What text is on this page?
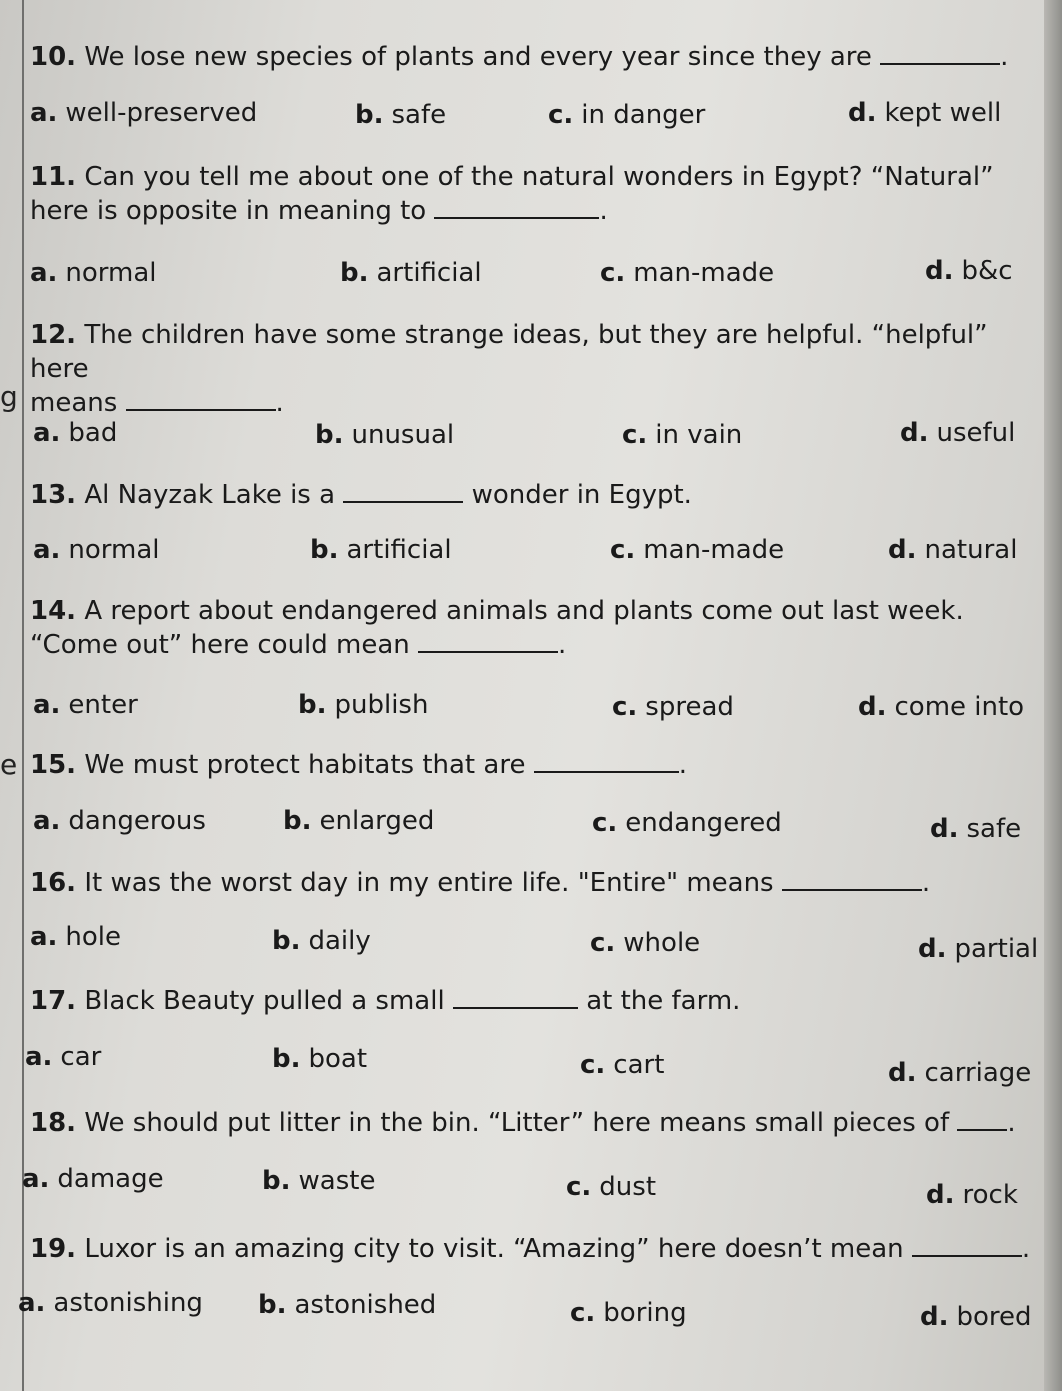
g
e
10. We lose new species of plants and every year since they are	.
a. well-preserved	b. safe	c. in danger	d. kept well
11. Can you tell me about one of the natural wonders in Egypt? “Natural”
here is opposite in meaning to	.
a. normal	b. artificial	c. man-made	d. b&c
12. The children have some strange ideas, but they are helpful. “helpful” here
means	.
a. bad	b. unusual	c. in vain	d. useful
13. Al Nayzak Lake is a	wonder in Egypt.
a. normal	b. artificial	c. man-made	d. natural
14. A report about endangered animals and plants come out last week.
“Come out” here could mean	.
a. enter	b. publish	c. spread	d. come into
15. We must protect habitats that are	.
a. dangerous	b. enlarged	c. endangered	d. safe
16. It was the worst day in my entire life. "Entire" means	.
a. hole	b. daily	c. whole	d. partial
17. Black Beauty pulled a small	at the farm.
a. car	b. boat	c. cart	d. carriage
18. We should put litter in the bin. “Litter” here means small pieces of .
a. damage	b. waste	c. dust	d. rock
19. Luxor is an amazing city to visit. “Amazing” here doesn’t mean	.
a. astonishing b. astonished	c. boring	d. bored
